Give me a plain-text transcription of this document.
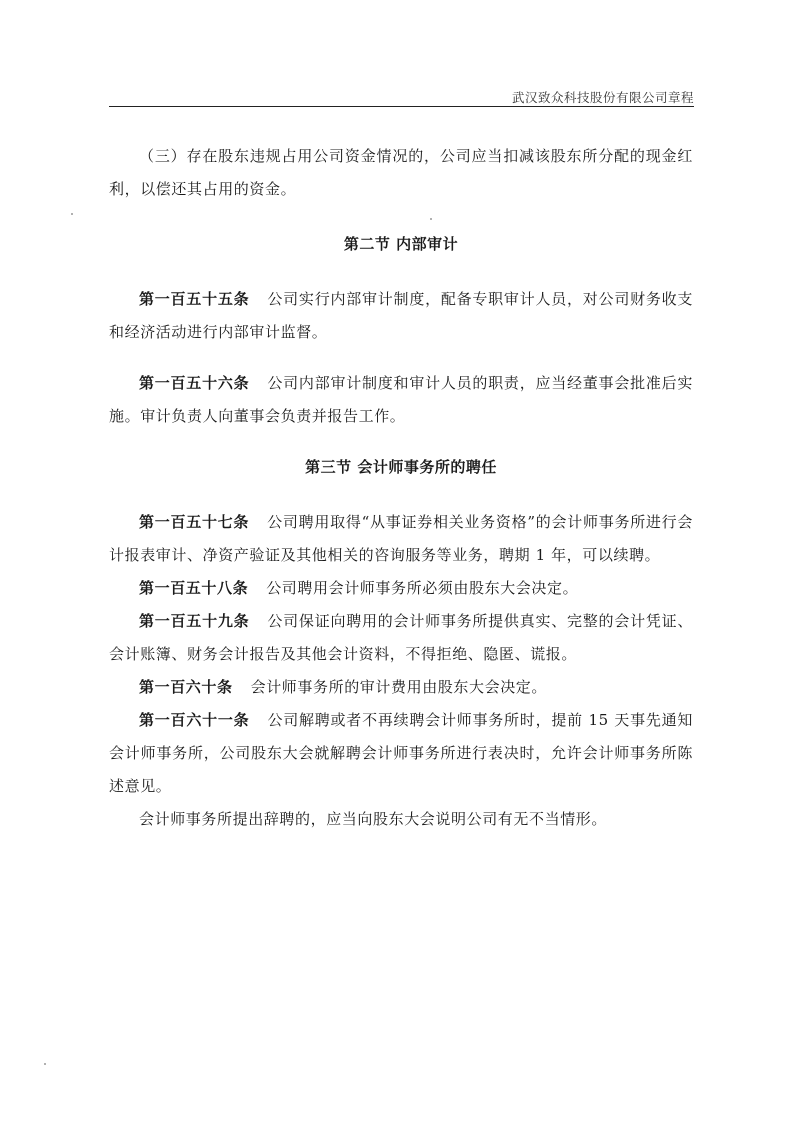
武汉致众科技股份有限公司章程

（三）存在股东违规占用公司资金情况的，公司应当扣减该股东所分配的现金红利，以偿还其占用的资金。

第二节 内部审计

第一百五十五条 公司实行内部审计制度，配备专职审计人员，对公司财务收支和经济活动进行内部审计监督。

第一百五十六条 公司内部审计制度和审计人员的职责，应当经董事会批准后实施。审计负责人向董事会负责并报告工作。

第三节 会计师事务所的聘任

第一百五十七条 公司聘用取得“从事证券相关业务资格”的会计师事务所进行会计报表审计、净资产验证及其他相关的咨询服务等业务，聘期 1 年，可以续聘。

第一百五十八条 公司聘用会计师事务所必须由股东大会决定。

第一百五十九条 公司保证向聘用的会计师事务所提供真实、完整的会计凭证、会计账簿、财务会计报告及其他会计资料，不得拒绝、隐匿、谎报。

第一百六十条 会计师事务所的审计费用由股东大会决定。

第一百六十一条 公司解聘或者不再续聘会计师事务所时，提前 15 天事先通知会计师事务所，公司股东大会就解聘会计师事务所进行表决时，允许会计师事务所陈述意见。

会计师事务所提出辞聘的，应当向股东大会说明公司有无不当情形。
